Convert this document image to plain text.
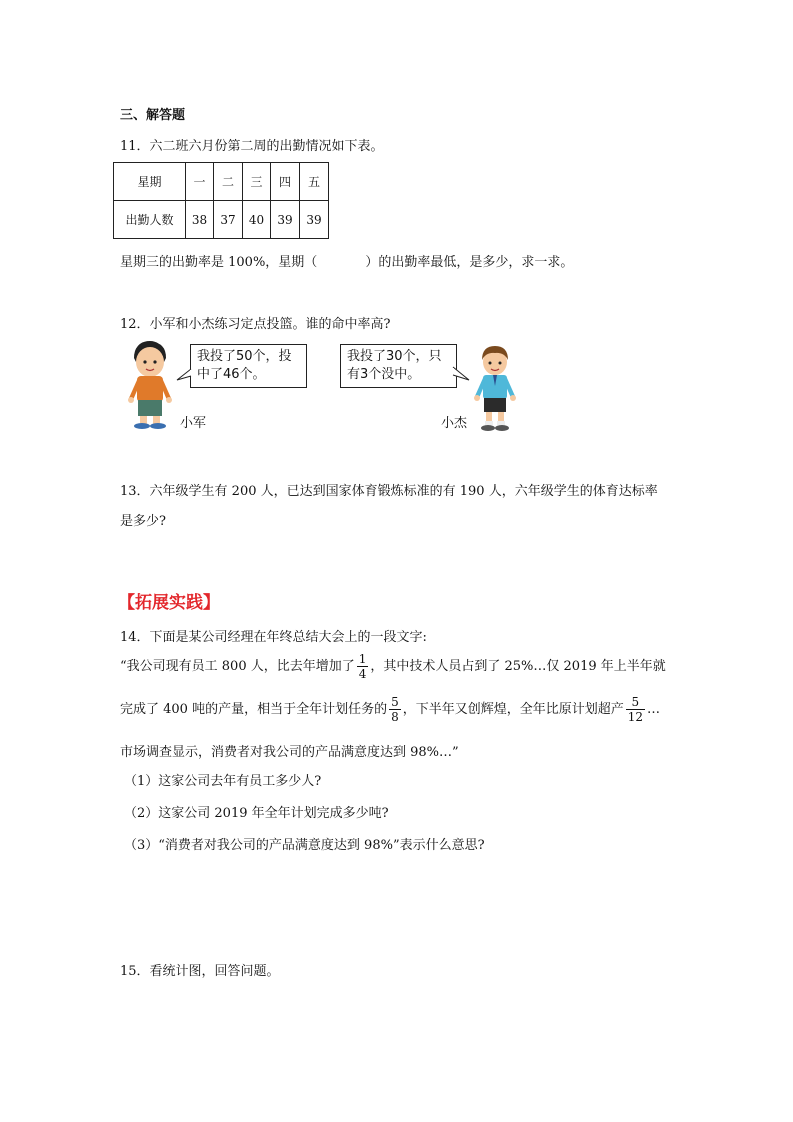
三、解答题
11．六二班六月份第二周的出勤情况如下表。
星期	一	二	三	四	五
出勤人数	38	37	40	39	39
星期三的出勤率是 100%，星期（	）的出勤率最低，是多少，求一求。
12．小军和小杰练习定点投篮。谁的命中率高?
我投了50个，投中了46个。
小军
我投了30个，只有3个没中。
小杰
13．六年级学生有 200 人，已达到国家体育锻炼标准的有 190 人，六年级学生的体育达标率
是多少?
【拓展实践】
14．下面是某公司经理在年终总结大会上的一段文字:
“我公司现有员工 800 人，比去年增加了 $\frac{1}{4}$ ，其中技术人员占到了 25%…仅 2019 年上半年就
完成了 400 吨的产量，相当于全年计划任务的 $\frac{5}{8}$ ，下半年又创辉煌，全年比原计划超产 $\frac{5}{12}$ …
市场调查显示，消费者对我公司的产品满意度达到 98%…”
（1）这家公司去年有员工多少人?
（2）这家公司 2019 年全年计划完成多少吨?
（3）“消费者对我公司的产品满意度达到 98%”表示什么意思?
15．看统计图，回答问题。
